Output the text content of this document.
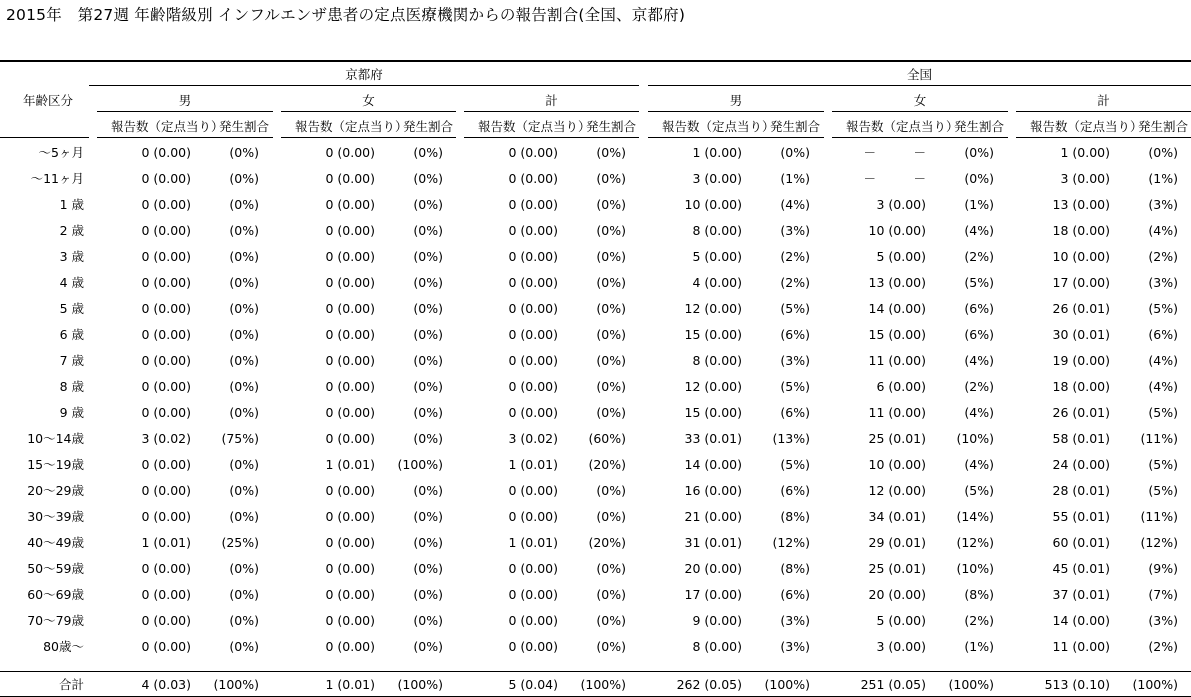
2015年　第27週 年齢階級別 インフルエンザ患者の定点医療機関からの報告割合(全国、京都府)
京都府	全国
年齢区分	男
報告数（定点当り）
発生割合
女
報告数（定点当り）
発生割合
計
報告数（定点当り）
発生割合
男
報告数（定点当り）
発生割合
女
報告数（定点当り）
発生割合
計
報告数（定点当り）
発生割合
～5ヶ月	0 (0.00)	(0%)	0 (0.00)	(0%)	0 (0.00)	(0%)	1 (0.00)	(0%)	－　　　－	(0%)	1 (0.00)	(0%)
～11ヶ月	0 (0.00)	(0%)	0 (0.00)	(0%)	0 (0.00)	(0%)	3 (0.00)	(1%)	－　　　－	(0%)	3 (0.00)	(1%)
1 歳	0 (0.00)	(0%)	0 (0.00)	(0%)	0 (0.00)	(0%)	10 (0.00)	(4%)	3 (0.00)	(1%)	13 (0.00)	(3%)
2 歳	0 (0.00)	(0%)	0 (0.00)	(0%)	0 (0.00)	(0%)	8 (0.00)	(3%)	10 (0.00)	(4%)	18 (0.00)	(4%)
3 歳	0 (0.00)	(0%)	0 (0.00)	(0%)	0 (0.00)	(0%)	5 (0.00)	(2%)	5 (0.00)	(2%)	10 (0.00)	(2%)
4 歳	0 (0.00)	(0%)	0 (0.00)	(0%)	0 (0.00)	(0%)	4 (0.00)	(2%)	13 (0.00)	(5%)	17 (0.00)	(3%)
5 歳	0 (0.00)	(0%)	0 (0.00)	(0%)	0 (0.00)	(0%)	12 (0.00)	(5%)	14 (0.00)	(6%)	26 (0.01)	(5%)
6 歳	0 (0.00)	(0%)	0 (0.00)	(0%)	0 (0.00)	(0%)	15 (0.00)	(6%)	15 (0.00)	(6%)	30 (0.01)	(6%)
7 歳	0 (0.00)	(0%)	0 (0.00)	(0%)	0 (0.00)	(0%)	8 (0.00)	(3%)	11 (0.00)	(4%)	19 (0.00)	(4%)
8 歳	0 (0.00)	(0%)	0 (0.00)	(0%)	0 (0.00)	(0%)	12 (0.00)	(5%)	6 (0.00)	(2%)	18 (0.00)	(4%)
9 歳	0 (0.00)	(0%)	0 (0.00)	(0%)	0 (0.00)	(0%)	15 (0.00)	(6%)	11 (0.00)	(4%)	26 (0.01)	(5%)
10～14歳	3 (0.02)	(75%)	0 (0.00)	(0%)	3 (0.02)	(60%)	33 (0.01)	(13%)	25 (0.01)	(10%)	58 (0.01)	(11%)
15～19歳	0 (0.00)	(0%)	1 (0.01) (100%)	1 (0.01)	(20%)	14 (0.00)	(5%)	10 (0.00)	(4%)	24 (0.00)	(5%)
20～29歳	0 (0.00)	(0%)	0 (0.00)	(0%)	0 (0.00)	(0%)	16 (0.00)	(6%)	12 (0.00)	(5%)	28 (0.01)	(5%)
30～39歳	0 (0.00)	(0%)	0 (0.00)	(0%)	0 (0.00)	(0%)	21 (0.00)	(8%)	34 (0.01)	(14%)	55 (0.01)	(11%)
40～49歳	1 (0.01)	(25%)	0 (0.00)	(0%)	1 (0.01)	(20%)	31 (0.01)	(12%)	29 (0.01)	(12%)	60 (0.01)	(12%)
50～59歳	0 (0.00)	(0%)	0 (0.00)	(0%)	0 (0.00)	(0%)	20 (0.00)	(8%)	25 (0.01)	(10%)	45 (0.01)	(9%)
60～69歳	0 (0.00)	(0%)	0 (0.00)	(0%)	0 (0.00)	(0%)	17 (0.00)	(6%)	20 (0.00)	(8%)	37 (0.01)	(7%)
70～79歳	0 (0.00)	(0%)	0 (0.00)	(0%)	0 (0.00)	(0%)	9 (0.00)	(3%)	5 (0.00)	(2%)	14 (0.00)	(3%)
80歳～	0 (0.00)	(0%)	0 (0.00)	(0%)	0 (0.00)	(0%)	8 (0.00)	(3%)	3 (0.00)	(1%)	11 (0.00)	(2%)
合計	4 (0.03) (100%)	1 (0.01) (100%)	5 (0.04) (100%)	262 (0.05) (100%)	251 (0.05) (100%)	513 (0.10) (100%)
